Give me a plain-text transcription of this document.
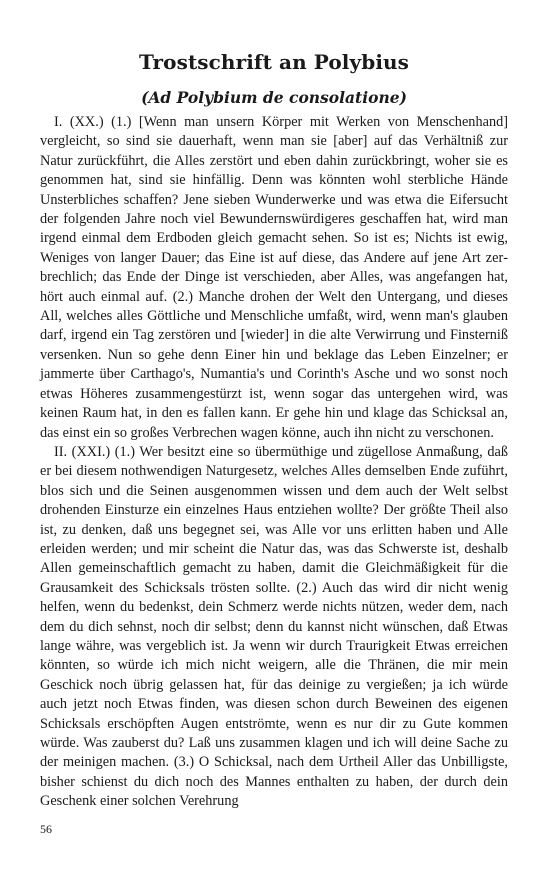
Trostschrift an Polybius
(Ad Polybium de consolatione)

I. (XX.) (1.) [Wenn man unsern Körper mit Werken von Menschenhand] vergleicht, so sind sie dauerhaft, wenn man sie [aber] auf das Verhältniß zur Natur zurückführt, die Alles zerstört und eben dahin zurückbringt, woher sie es genommen hat, sind sie hinfällig. Denn was könnten wohl sterbliche Hände Unsterbliches schaffen? Jene sieben Wunderwerke und was etwa die Eifersucht der folgenden Jahre noch viel Bewundernswürdigeres geschaffen hat, wird man irgend einmal dem Erdboden gleich gemacht sehen. So ist es; Nichts ist ewig, Weniges von langer Dauer; das Eine ist auf diese, das Andere auf jene Art zerbrechlich; das Ende der Dinge ist verschieden, aber Alles, was angefangen hat, hört auch einmal auf. (2.) Manche drohen der Welt den Untergang, und dieses All, welches alles Göttliche und Menschliche umfaßt, wird, wenn man's glauben darf, irgend ein Tag zerstören und [wieder] in die alte Verwirrung und Finsterniß versenken. Nun so gehe denn Einer hin und beklage das Leben Einzelner; er jammerte über Carthago's, Numantia's und Corinth's Asche und wo sonst noch etwas Höheres zusammengestürzt ist, wenn sogar das untergehen wird, was keinen Raum hat, in den es fallen kann. Er gehe hin und klage das Schicksal an, das einst ein so großes Verbrechen wagen könne, auch ihn nicht zu verschonen.

II. (XXI.) (1.) Wer besitzt eine so übermüthige und zügellose Anmaßung, daß er bei diesem nothwendigen Naturgesetz, welches Alles demselben Ende zuführt, blos sich und die Seinen ausgenommen wissen und dem auch der Welt selbst drohenden Einsturze ein einzelnes Haus entziehen wollte? Der größte Theil also ist, zu denken, daß uns begegnet sei, was Alle vor uns erlitten haben und Alle erleiden werden; und mir scheint die Natur das, was das Schwerste ist, deshalb Allen gemeinschaftlich gemacht zu haben, damit die Gleichmäßigkeit für die Grausamkeit des Schicksals trösten sollte. (2.) Auch das wird dir nicht wenig helfen, wenn du bedenkst, dein Schmerz werde nichts nützen, weder dem, nach dem du dich sehnst, noch dir selbst; denn du kannst nicht wünschen, daß Etwas lange währe, was vergeblich ist. Ja wenn wir durch Traurigkeit Etwas erreichen könnten, so würde ich mich nicht weigern, alle die Thränen, die mir mein Geschick noch übrig gelassen hat, für das deinige zu vergießen; ja ich würde auch jetzt noch Etwas finden, was diesen schon durch Beweinen des eigenen Schicksals erschöpften Augen entströmte, wenn es nur dir zu Gute kommen würde. Was zauberst du? Laß uns zusammen klagen und ich will deine Sache zu der meinigen machen. (3.) O Schicksal, nach dem Urtheil Aller das Unbilligste, bisher schienst du dich noch des Mannes enthalten zu haben, der durch dein Geschenk einer solchen Verehrung

56
